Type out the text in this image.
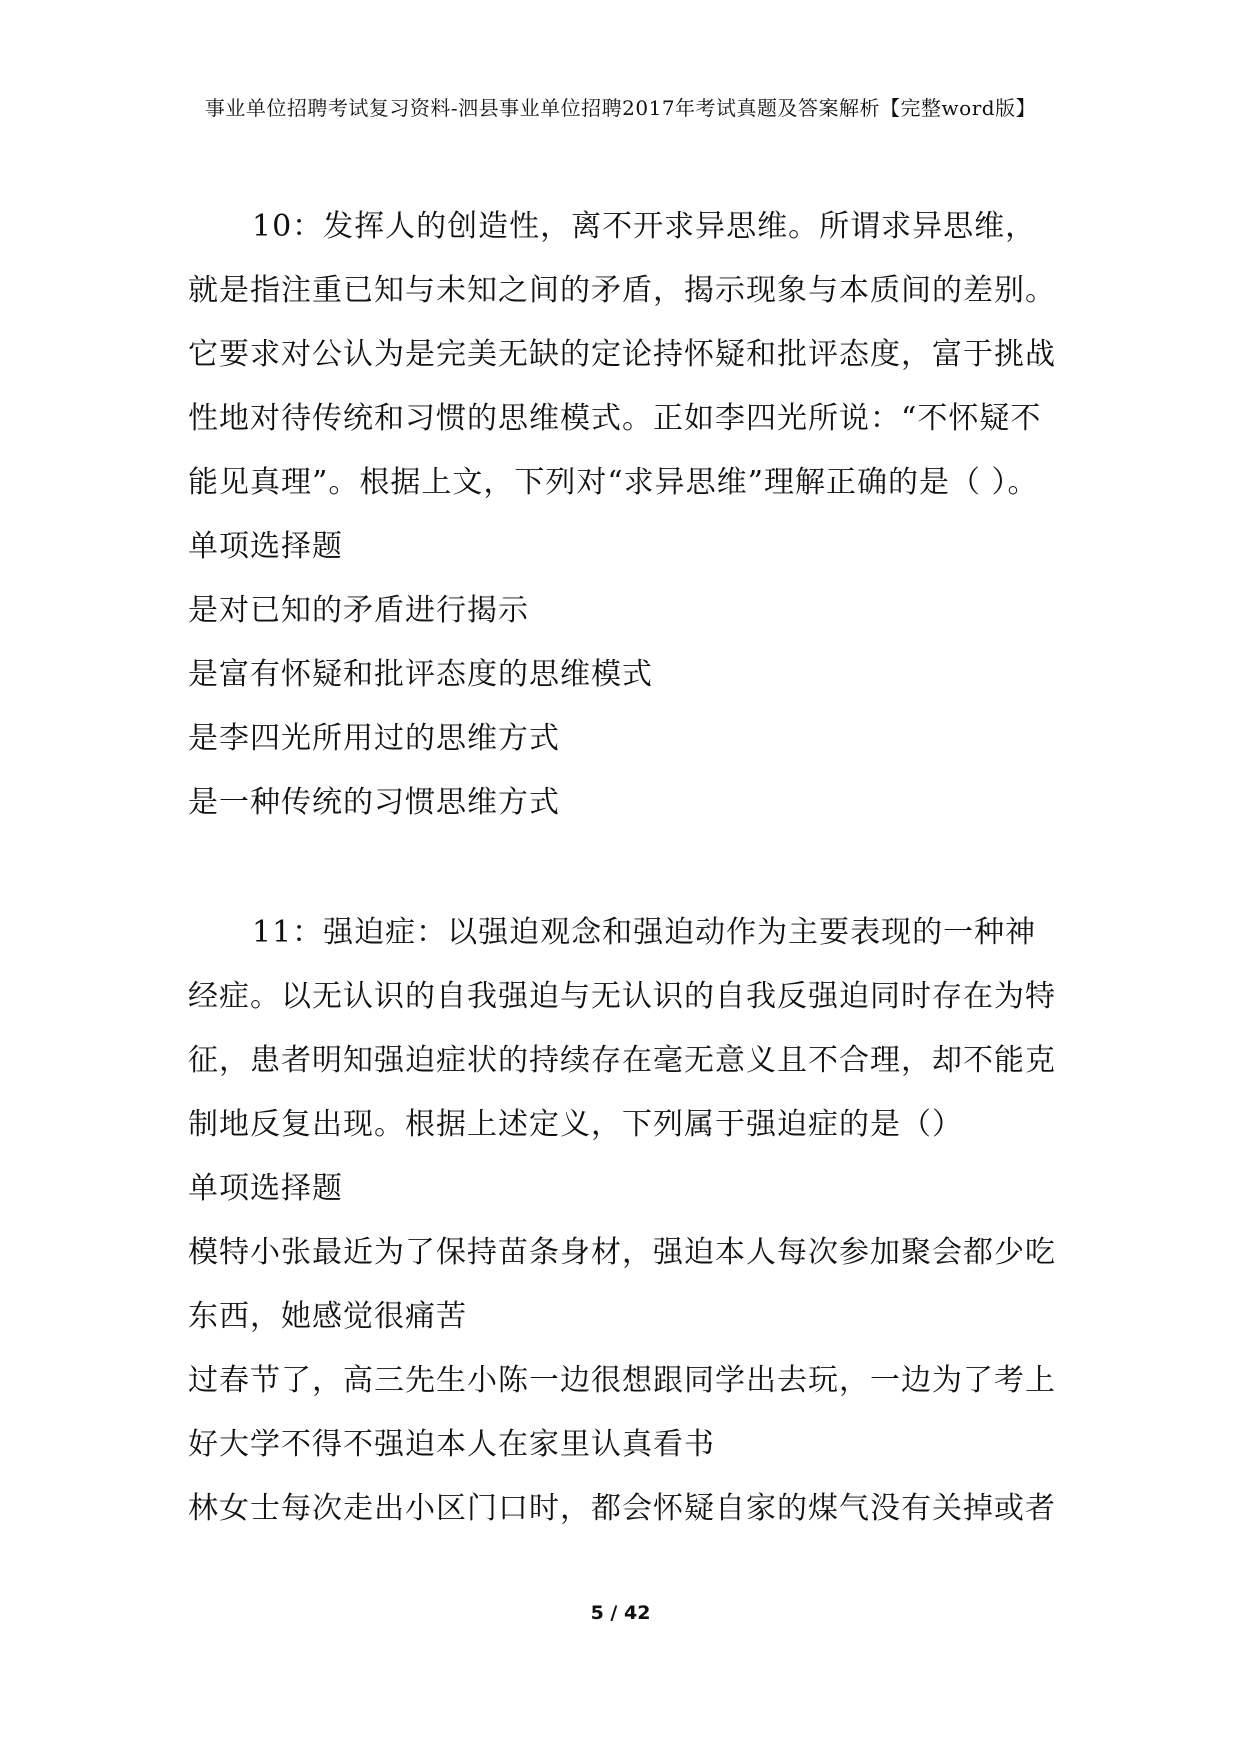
事业单位招聘考试复习资料-泗县事业单位招聘2017年考试真题及答案解析【完整word版】
10：发挥人的创造性，离不开求异思维。所谓求异思维，
就是指注重已知与未知之间的矛盾，揭示现象与本质间的差别。
它要求对公认为是完美无缺的定论持怀疑和批评态度，富于挑战
性地对待传统和习惯的思维模式。正如李四光所说：“不怀疑不
能见真理”。根据上文，下列对“求异思维”理解正确的是（ ）。
单项选择题
是对已知的矛盾进行揭示
是富有怀疑和批评态度的思维模式
是李四光所用过的思维方式
是一种传统的习惯思维方式
11：强迫症：以强迫观念和强迫动作为主要表现的一种神
经症。以无认识的自我强迫与无认识的自我反强迫同时存在为特
征，患者明知强迫症状的持续存在毫无意义且不合理，却不能克
制地反复出现。根据上述定义，下列属于强迫症的是（）
单项选择题
模特小张最近为了保持苗条身材，强迫本人每次参加聚会都少吃
东西，她感觉很痛苦
过春节了，高三先生小陈一边很想跟同学出去玩，一边为了考上
好大学不得不强迫本人在家里认真看书
林女士每次走出小区门口时，都会怀疑自家的煤气没有关掉或者
5 / 42
